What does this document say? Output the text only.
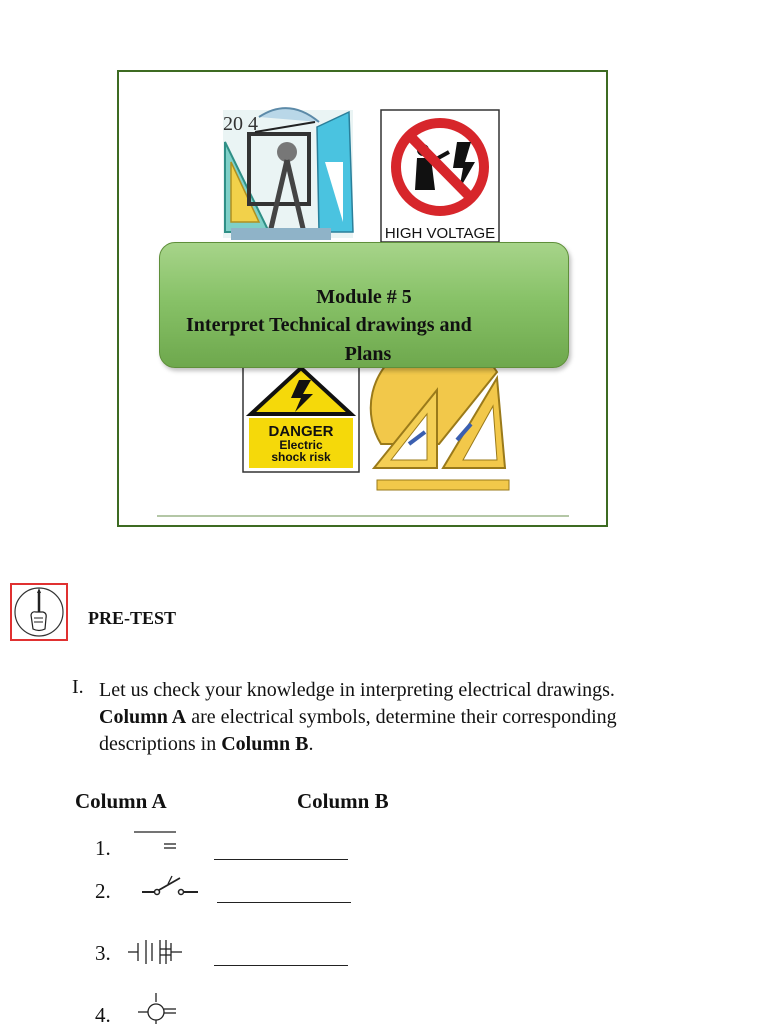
20 4
HIGH VOLTAGE
DANGER
Electric
shock risk
Module # 5
Interpret Technical drawings and
Plans
PRE-TEST
I. Let us check your knowledge in interpreting electrical drawings.
Column A are electrical symbols, determine their corresponding
descriptions in Column B.
Column A	Column B
1.
2.
3.
4.
